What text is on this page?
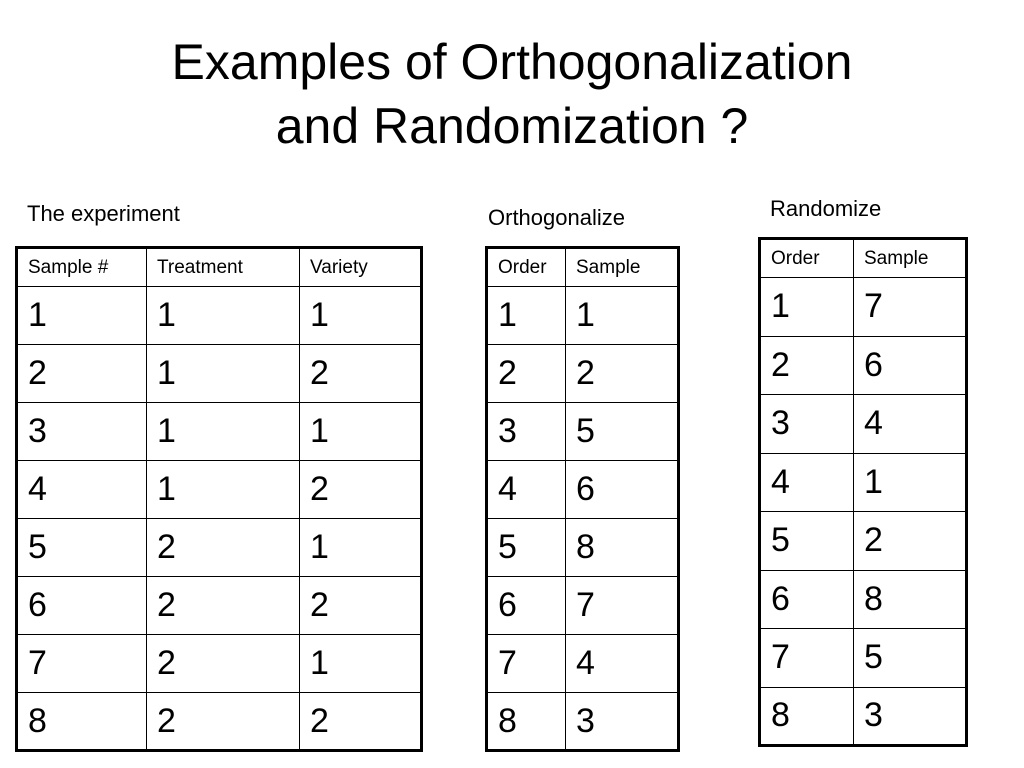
Examples of Orthogonalization
and Randomization ?
The experiment	Orthogonalize	Randomize
Sample #	Treatment	Variety
1	1	1
2	1	2
3	1	1
4	1	2
5	2	1
6	2	2
7	2	1
8	2	2
Order	Sample
1	1
2	2
3	5
4	6
5	8
6	7
7	4
8	3
Order	Sample
1	7
2	6
3	4
4	1
5	2
6	8
7	5
8	3
